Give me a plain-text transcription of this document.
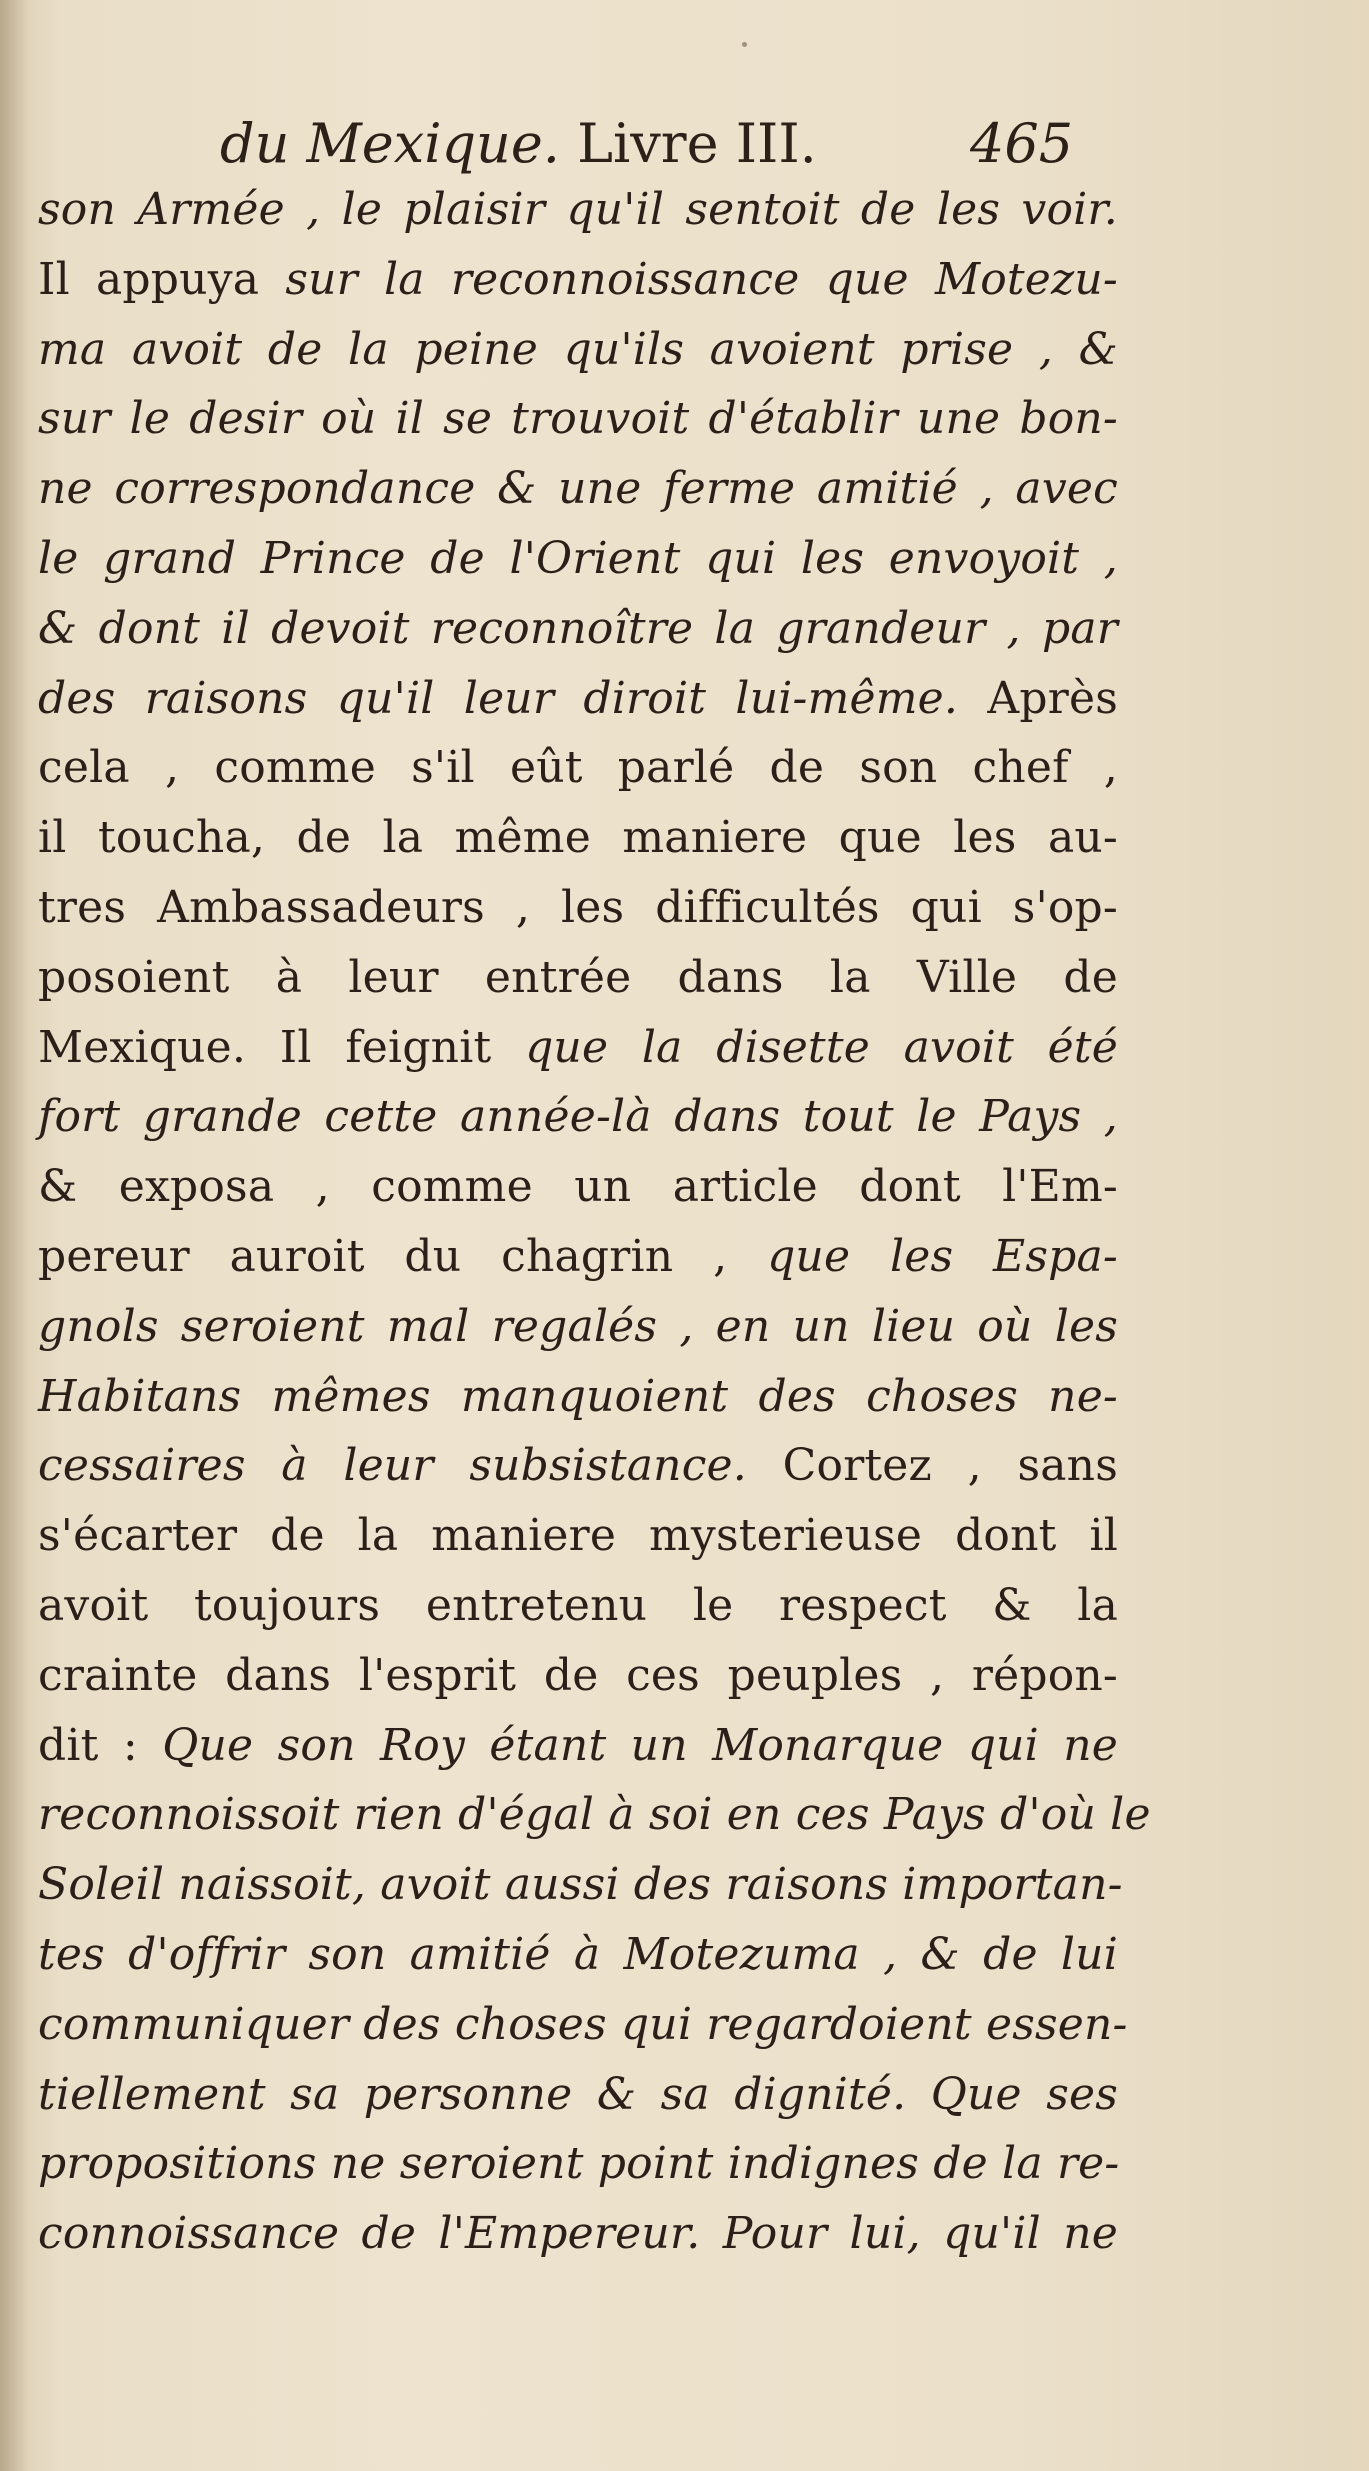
du Mexique. Livre III.	465
son Armée , le plaisir qu'il sentoit de les voir.
Il appuya sur la reconnoissance que Motezu-
ma avoit de la peine qu'ils avoient prise , &
sur le desir où il se trouvoit d'établir une bon-
ne correspondance & une ferme amitié , avec
le grand Prince de l'Orient qui les envoyoit ,
& dont il devoit reconnoître la grandeur , par
des raisons qu'il leur diroit lui-même. Après
cela , comme s'il eût parlé de son chef ,
il toucha, de la même maniere que les au-
tres Ambassadeurs , les difficultés qui s'op-
posoient à leur entrée dans la Ville de
Mexique. Il feignit que la disette avoit été
fort grande cette année-là dans tout le Pays ,
& exposa , comme un article dont l'Em-
pereur auroit du chagrin , que les Espa-
gnols seroient mal regalés , en un lieu où les
Habitans mêmes manquoient des choses ne-
cessaires à leur subsistance. Cortez , sans
s'écarter de la maniere mysterieuse dont il
avoit toujours entretenu le respect & la
crainte dans l'esprit de ces peuples , répon-
dit : Que son Roy étant un Monarque qui ne
reconnoissoit rien d'égal à soi en ces Pays d'où le
Soleil naissoit, avoit aussi des raisons importan-
tes d'offrir son amitié à Motezuma , & de lui
communiquer des choses qui regardoient essen-
tiellement sa personne & sa dignité. Que ses
propositions ne seroient point indignes de la re-
connoissance de l'Empereur. Pour lui, qu'il ne
